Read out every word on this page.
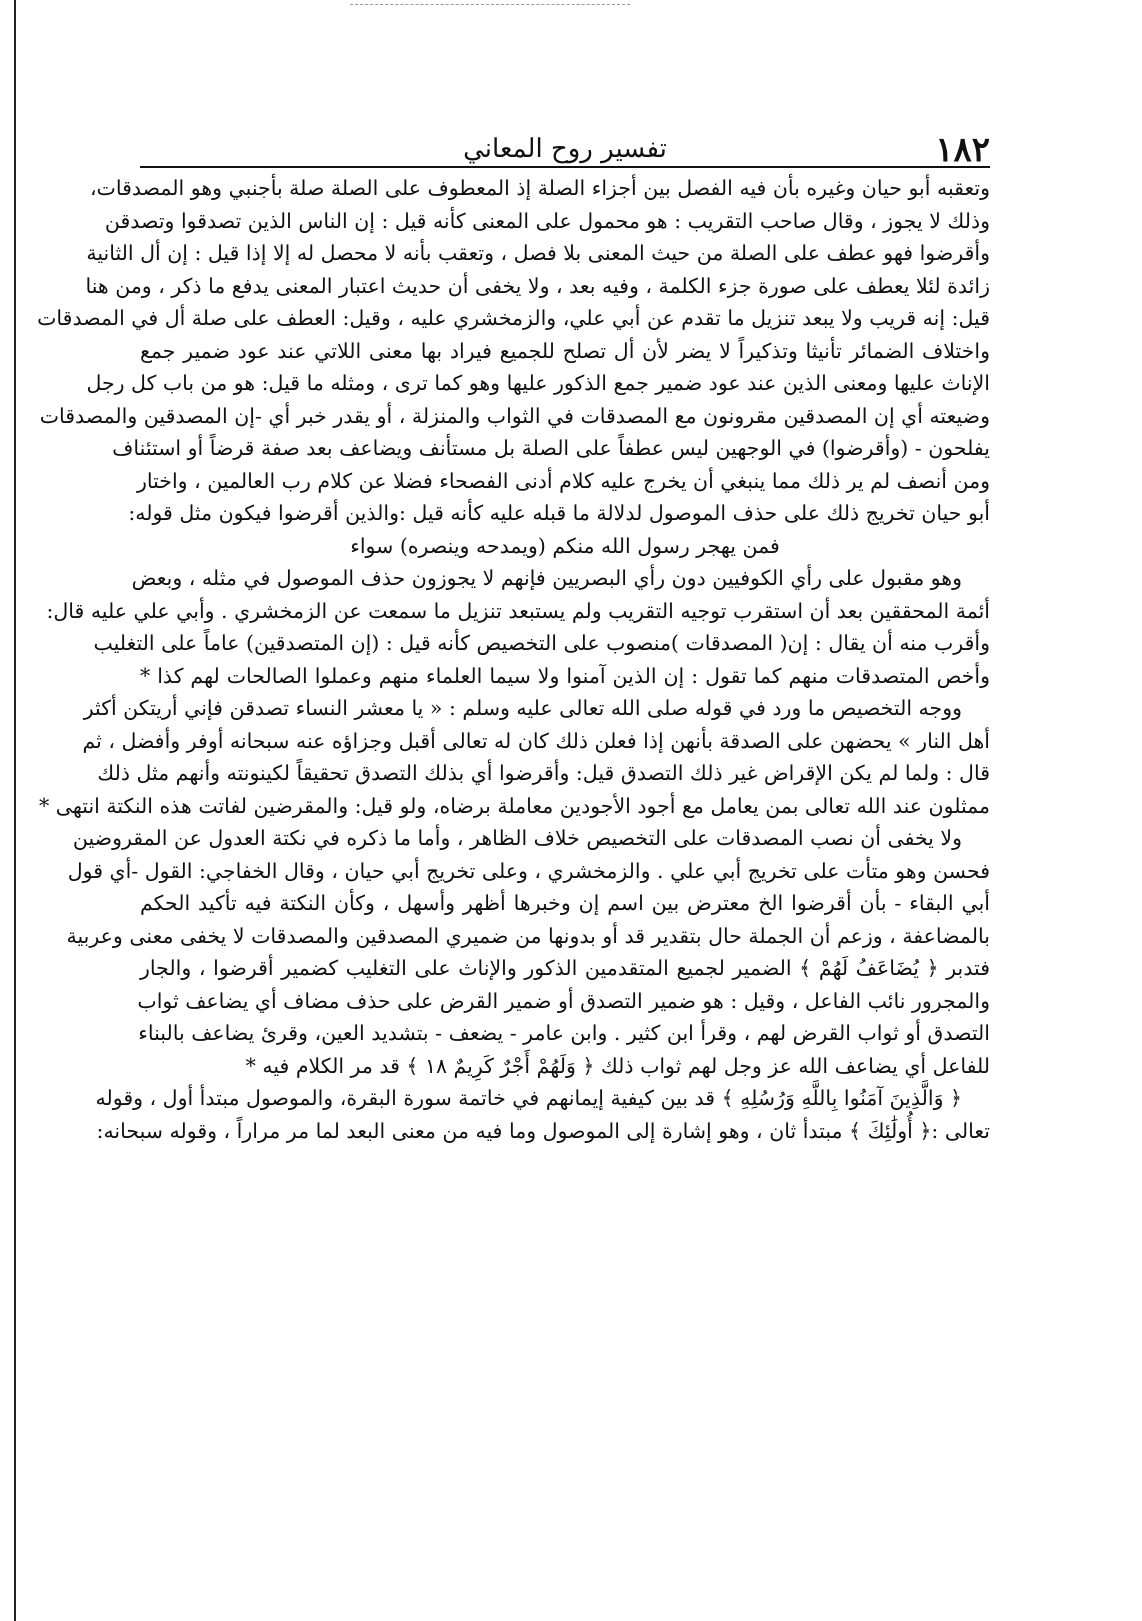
١٨٢
تفسير روح المعاني
وتعقبه أبو حيان وغيره بأن فيه الفصل بين أجزاء الصلة إذ المعطوف على الصلة صلة بأجنبي وهو المصدقات،
وذلك لا يجوز ، وقال صاحب التقريب : هو محمول على المعنى كأنه قيل : إن الناس الذين تصدقوا وتصدقن
وأقرضوا فهو عطف على الصلة من حيث المعنى بلا فصل ، وتعقب بأنه لا محصل له إلا إذا قيل : إن أل الثانية
زائدة لئلا يعطف على صورة جزء الكلمة ، وفيه بعد ، ولا يخفى أن حديث اعتبار المعنى يدفع ما ذكر ، ومن هنا
قيل: إنه قريب ولا يبعد تنزيل ما تقدم عن أبي علي، والزمخشري عليه ، وقيل: العطف على صلة أل في المصدقات
واختلاف الضمائر تأنيثا وتذكيراً لا يضر لأن أل تصلح للجميع فيراد بها معنى اللاتي عند عود ضمير جمع
الإناث عليها ومعنى الذين عند عود ضمير جمع الذكور عليها وهو كما ترى ، ومثله ما قيل: هو من باب كل رجل
وضيعته أي إن المصدقين مقرونون مع المصدقات في الثواب والمنزلة ، أو يقدر خبر أي -إن المصدقين والمصدقات
يفلحون - (وأقرضوا) في الوجهين ليس عطفاً على الصلة بل مستأنف ويضاعف بعد صفة قرضاً أو استئناف
ومن أنصف لم ير ذلك مما ينبغي أن يخرج عليه كلام أدنى الفصحاء فضلا عن كلام رب العالمين ، واختار
أبو حيان تخريج ذلك على حذف الموصول لدلالة ما قبله عليه كأنه قيل :والذين أقرضوا فيكون مثل قوله:
فمن يهجر رسول الله منكم (ويمدحه وينصره) سواء
وهو مقبول على رأي الكوفيين دون رأي البصريين فإنهم لا يجوزون حذف الموصول في مثله ، وبعض
أئمة المحققين بعد أن استقرب توجيه التقريب ولم يستبعد تنزيل ما سمعت عن الزمخشري . وأبي علي عليه قال:
وأقرب منه أن يقال : إن( المصدقات )منصوب على التخصيص كأنه قيل : (إن المتصدقين) عاماً على التغليب
وأخص المتصدقات منهم كما تقول : إن الذين آمنوا ولا سيما العلماء منهم وعملوا الصالحات لهم كذا *
ووجه التخصيص ما ورد في قوله صلى الله تعالى عليه وسلم : « يا معشر النساء تصدقن فإني أريتكن أكثر
أهل النار » يحضهن على الصدقة بأنهن إذا فعلن ذلك كان له تعالى أقبل وجزاؤه عنه سبحانه أوفر وأفضل ، ثم
قال : ولما لم يكن الإقراض غير ذلك التصدق قيل: وأقرضوا أي بذلك التصدق تحقيقاً لكينونته وأنهم مثل ذلك
ممثلون عند الله تعالى بمن يعامل مع أجود الأجودين معاملة برضاه، ولو قيل: والمقرضين لفاتت هذه النكتة انتهى *
ولا يخفى أن نصب المصدقات على التخصيص خلاف الظاهر ، وأما ما ذكره في نكتة العدول عن المقروضين
فحسن وهو متأت على تخريج أبي علي . والزمخشري ، وعلى تخريج أبي حيان ، وقال الخفاجي: القول -أي قول
أبي البقاء - بأن أقرضوا الخ معترض بين اسم إن وخبرها أظهر وأسهل ، وكأن النكتة فيه تأكيد الحكم
بالمضاعفة ، وزعم أن الجملة حال بتقدير قد أو بدونها من ضميري المصدقين والمصدقات لا يخفى معنى وعربية
فتدبر ﴿ يُضَاعَفُ لَهُمْ ﴾ الضمير لجميع المتقدمين الذكور والإناث على التغليب كضمير أقرضوا ، والجار
والمجرور نائب الفاعل ، وقيل : هو ضمير التصدق أو ضمير القرض على حذف مضاف أي يضاعف ثواب
التصدق أو ثواب القرض لهم ، وقرأ ابن كثير . وابن عامر - يضعف - بتشديد العين، وقرئ يضاعف بالبناء
للفاعل أي يضاعف الله عز وجل لهم ثواب ذلك ﴿ وَلَهُمْ أَجْرٌ كَرِيمٌ ١٨ ﴾ قد مر الكلام فيه *
﴿ وَالَّذِينَ آمَنُوا بِاللَّهِ وَرُسُلِهِ ﴾ قد بين كيفية إيمانهم في خاتمة سورة البقرة، والموصول مبتدأ أول ، وقوله
تعالى :﴿ أُولَٰئِكَ ﴾ مبتدأ ثان ، وهو إشارة إلى الموصول وما فيه من معنى البعد لما مر مراراً ، وقوله سبحانه:
